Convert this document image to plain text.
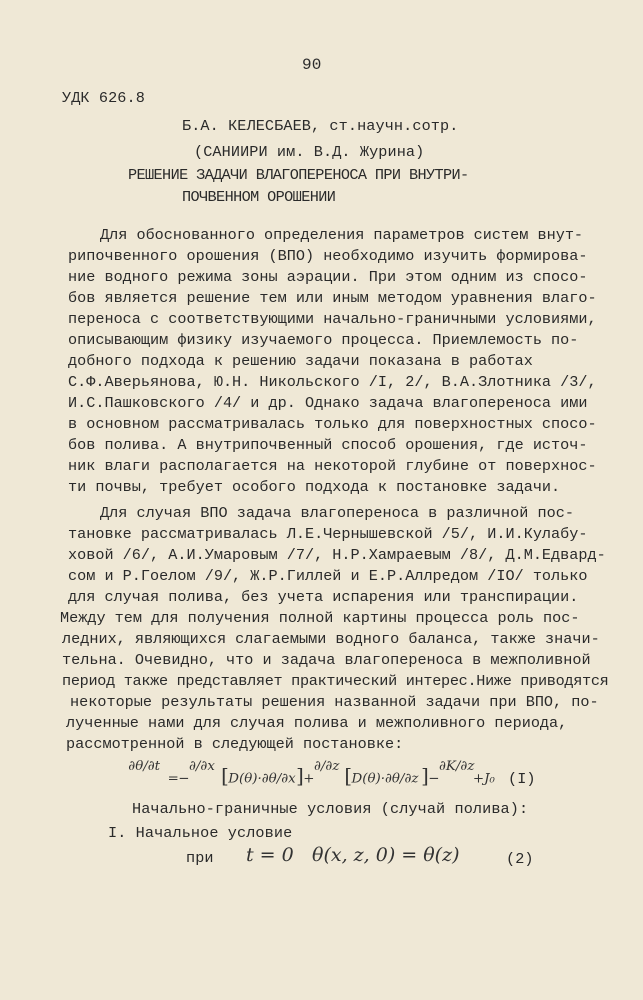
90
УДК 626.8
Б.А. КЕЛЕСБАЕВ, ст.научн.сотр.
(САНИИРИ им. В.Д. Журина)
РЕШЕНИЕ ЗАДАЧИ ВЛАГОПЕРЕНОСА ПРИ ВНУТРИ-
ПОЧВЕННОМ ОРОШЕНИИ
Для обоснованного определения параметров систем внут-
рипочвенного орошения (ВПО) необходимо изучить формирова-
ние водного режима зоны аэрации. При этом одним из спосо-
бов является решение тем или иным методом уравнения влаго-
переноса с соответствующими начально-граничными условиями,
описывающим физику изучаемого процесса. Приемлемость по-
добного подхода к решению задачи показана в работах
С.Ф.Аверьянова, Ю.Н. Никольского /I, 2/, В.А.Злотника /3/,
И.С.Пашковского /4/ и др. Однако задача влагопереноса ими
в основном рассматривалась только для поверхностных спосо-
бов полива. А внутрипочвенный способ орошения, где источ-
ник влаги располагается на некоторой глубине от поверхнос-
ти почвы, требует особого подхода к постановке задачи.
Для случая ВПО задача влагопереноса в различной пос-
тановке рассматривалась Л.Е.Чернышевской /5/, И.И.Кулабу-
ховой /6/, А.И.Умаровым /7/, Н.Р.Хамраевым /8/, Д.М.Едвард-
сом и Р.Гоелом /9/, Ж.Р.Гиллей и Е.Р.Аллредом /IO/ только
для случая полива, без учета испарения или транспирации.
Между тем для получения полной картины процесса роль пос-
ледних, являющихся слагаемыми водного баланса, также значи-
тельна. Очевидно, что и задача влагопереноса в межполивной
период также представляет практический интерес.Ниже приводятся
некоторые результаты решения названной задачи при ВПО, по-
лученные нами для случая полива и межполивного периода,
рассмотренной в следующей постановке:
∂θ/∂t
= −
∂/∂x [ D(θ)·∂θ/∂x ] +
∂/∂z [ D(θ)·∂θ/∂z ] −
∂K/∂z
+J₀ (I)
Начально-граничные условия (случай полива):
I. Начальное условие
при t = 0 θ(x, z, 0) = θ(z)	(2)
